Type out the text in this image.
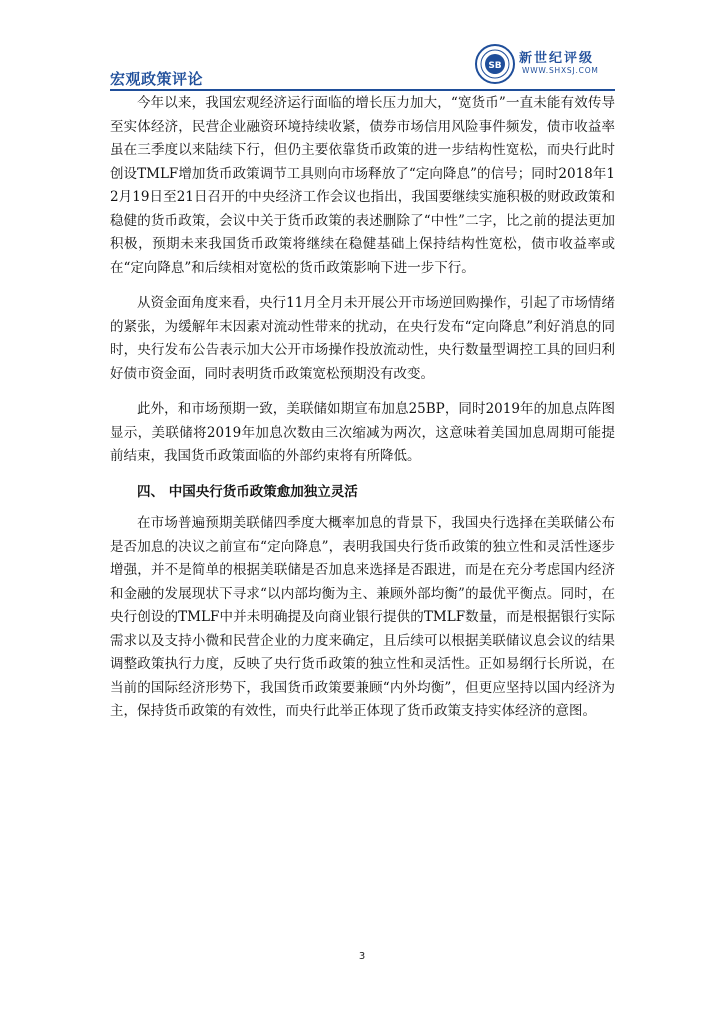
宏观政策评论
SB 新世纪评级
WWW.SHXSJ.COM

今年以来，我国宏观经济运行面临的增长压力加大，“宽货币”一直未能有效传导至实体经济，民营企业融资环境持续收紧，债券市场信用风险事件频发，债市收益率虽在三季度以来陆续下行，但仍主要依靠货币政策的进一步结构性宽松，而央行此时创设TMLF增加货币政策调节工具则向市场释放了“定向降息”的信号；同时2018年12月19日至21日召开的中央经济工作会议也指出，我国要继续实施积极的财政政策和稳健的货币政策，会议中关于货币政策的表述删除了“中性”二字，比之前的提法更加积极，预期未来我国货币政策将继续在稳健基础上保持结构性宽松，债市收益率或在“定向降息”和后续相对宽松的货币政策影响下进一步下行。

从资金面角度来看，央行11月全月未开展公开市场逆回购操作，引起了市场情绪的紧张，为缓解年末因素对流动性带来的扰动，在央行发布“定向降息”利好消息的同时，央行发布公告表示加大公开市场操作投放流动性，央行数量型调控工具的回归利好债市资金面，同时表明货币政策宽松预期没有改变。

此外，和市场预期一致，美联储如期宣布加息25BP，同时2019年的加息点阵图显示，美联储将2019年加息次数由三次缩减为两次，这意味着美国加息周期可能提前结束，我国货币政策面临的外部约束将有所降低。

四、 中国央行货币政策愈加独立灵活

在市场普遍预期美联储四季度大概率加息的背景下，我国央行选择在美联储公布是否加息的决议之前宣布“定向降息”，表明我国央行货币政策的独立性和灵活性逐步增强，并不是简单的根据美联储是否加息来选择是否跟进，而是在充分考虑国内经济和金融的发展现状下寻求“以内部均衡为主、兼顾外部均衡”的最优平衡点。同时，在央行创设的TMLF中并未明确提及向商业银行提供的TMLF数量，而是根据银行实际需求以及支持小微和民营企业的力度来确定，且后续可以根据美联储议息会议的结果调整政策执行力度，反映了央行货币政策的独立性和灵活性。正如易纲行长所说，在当前的国际经济形势下，我国货币政策要兼顾“内外均衡”，但更应坚持以国内经济为主，保持货币政策的有效性，而央行此举正体现了货币政策支持实体经济的意图。

3
